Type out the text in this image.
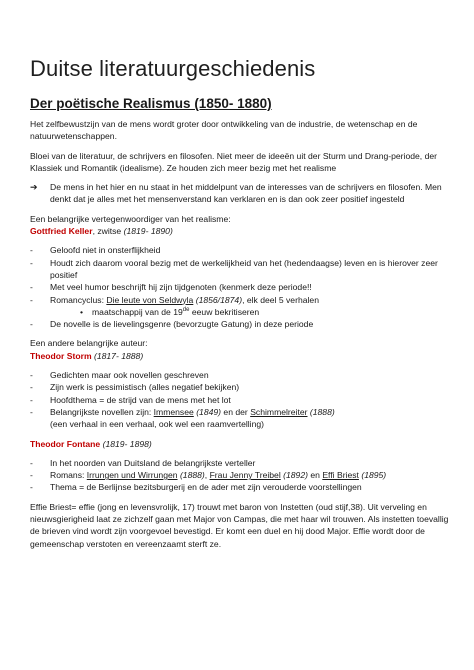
Duitse literatuurgeschiedenis
Der poëtische Realismus (1850- 1880)

Het zelfbewustzijn van de mens wordt groter door ontwikkeling van de industrie, de wetenschap en de natuurwetenschappen.

Bloei van de literatuur, de schrijvers en filosofen. Niet meer de ideeën uit der Sturm und Drang-periode, der Klassiek und Romantik (idealisme). Ze houden zich meer bezig met het realisme

➔	De mens in het hier en nu staat in het middelpunt van de interesses van de schrijvers en filosofen. Men denkt dat je alles met het mensenverstand kan verklaren en is dan ook zeer positief ingesteld

Een belangrijke vertegenwoordiger van het realisme:

Gottfried Keller, zwitse (1819- 1890)

-	Geloofd niet in onsterflijkheid
-	Houdt zich daarom vooral bezig met de werkelijkheid van het (hedendaagse) leven en is hierover zeer positief
-	Met veel humor beschrijft hij zijn tijdgenoten (kenmerk deze periode!!
-	Romancyclus: Die leute von Seldwyla (1856/1874), elk deel 5 verhalen
•	maatschappij van de 19de eeuw bekritiseren
-	De novelle is de lievelingsgenre (bevorzugte Gatung) in deze periode

Een andere belangrijke auteur:

Theodor Storm (1817- 1888)

-	Gedichten maar ook novellen geschreven
-	Zijn werk is pessimistisch (alles negatief bekijken)
-	Hoofdthema = de strijd van de mens met het lot
-	Belangrijkste novellen zijn: Immensee (1849) en der Schimmelreiter (1888)

(een verhaal in een verhaal, ook wel een raamvertelling)

Theodor Fontane (1819- 1898)

-	In het noorden van Duitsland de belangrijkste verteller
-	Romans: Irrungen und Wirrungen (1888), Frau Jenny Treibel (1892) en Effi Briest (1895)
-	Thema = de Berlijnse bezitsburgerij en de ader met zijn verouderde voorstellingen

Effie Briest= effie (jong en levensvrolijk, 17) trouwt met baron von Instetten (oud stijf,38). Uit verveling en nieuwsgierigheid laat ze zichzelf gaan met Major von Campas, die met haar wil trouwen. Als instetten toevallig de brieven vind wordt zijn voorgevoel bevestigd. Er komt een duel en hij dood Major. Effie wordt door de gemeenschap verstoten en vereenzaamt sterft ze.
